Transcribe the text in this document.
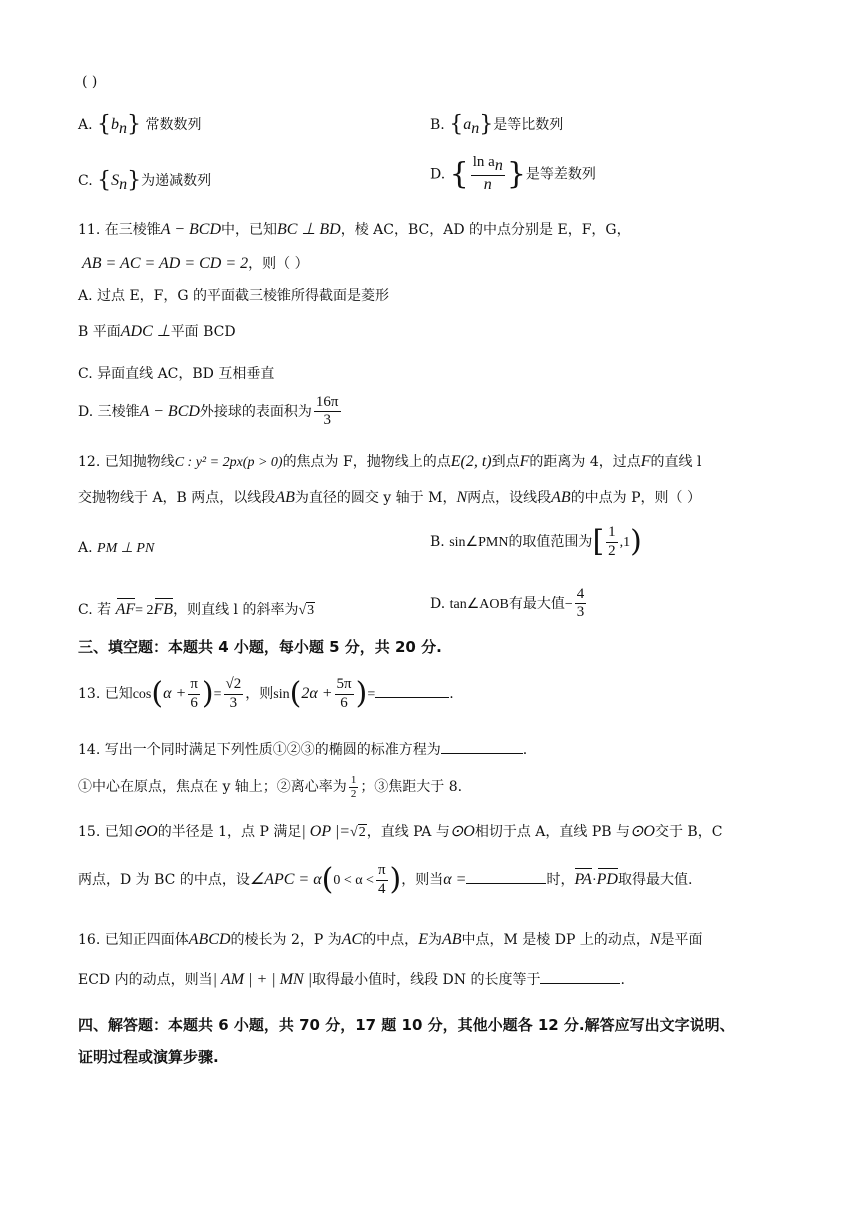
( )
A. $\{b_n\}$ 常数数列	B. $\{a_n\}$是等比数列
C. $\{S_n\}$为递减数列	D. { $\frac{\ln a_n}{n}$ }是等差数列
11. 在三棱锥A − BCD中，已知BC ⊥ BD，棱 AC，BC，AD 的中点分别是 E，F，G，
AB = AC = AD = CD = 2，则（ ）
A. 过点 E，F，G 的平面截三棱锥所得截面是菱形
B 平面ADC ⊥平面 BCD
C. 异面直线 AC，BD 互相垂直
D. 三棱锥A − BCD外接球的表面积为 $\frac{16\pi}{3}$
12. 已知抛物线C : y² = 2px(p > 0)的焦点为 F，抛物线上的点E(2, t)到点F的距离为 4，过点F的直线 l
交抛物线于 A，B 两点，以线段AB为直径的圆交 y 轴于 M，N两点，设线段AB的中点为 P，则（ ）
A. PM ⊥ PN	B. sin∠PMN的取值范围为[ $\frac{1}{2} ,1$)
C. 若 AF= 2FB，则直线 l 的斜率为√3	D. tan∠AOB有最大值− $\frac{4}{3}$
三、填空题：本题共 4 小题，每小题 5 分，共 20 分.
13. 已知$\cos(\alpha + \frac{\pi}{6}$ )= $\frac{√2}{3}$ ，则$\sin(2\alpha + \frac{5\pi}{6}$ )=	.
14. 写出一个同时满足下列性质①②③的椭圆的标准方程为	.
①中心在原点，焦点在 y 轴上；②离心率为 $\frac{1}{2}$ ；③焦距大于 8.
15. 已知⊙O的半径是 1，点 P 满足| OP |=√2，直线 PA 与⊙O相切于点 A，直线 PB 与⊙O交于 B，C
两点，D 为 BC 的中点，设∠APC = $\alpha(0 < \alpha < \frac{\pi}{4}$ )，则当α =	时，PA·PD取得最大值.
16. 已知正四面体ABCD的棱长为 2，P 为AC的中点，E为AB中点，M 是棱 DP 上的动点，N是平面
ECD 内的动点，则当| AM | + | MN |取得最小值时，线段 DN 的长度等于	.
四、解答题：本题共 6 小题，共 70 分，17 题 10 分，其他小题各 12 分.解答应写出文字说明、
证明过程或演算步骤.
